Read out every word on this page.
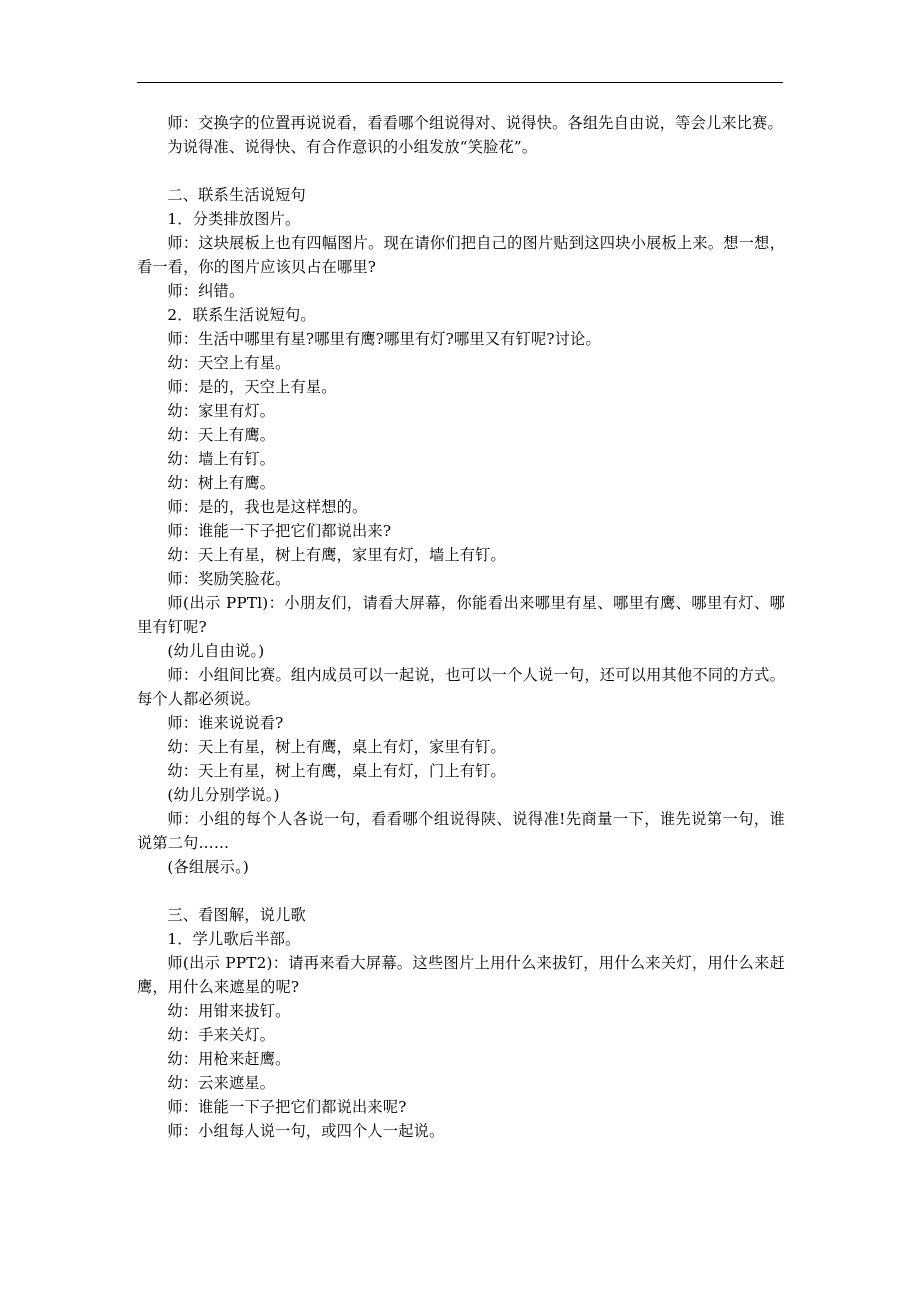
师：交换字的位置再说说看，看看哪个组说得对、说得快。各组先自由说，等会儿来比赛。

为说得准、说得快、有合作意识的小组发放“笑脸花”。

二、联系生活说短句

1．分类排放图片。

师：这块展板上也有四幅图片。现在请你们把自己的图片贴到这四块小展板上来。想一想，看一看，你的图片应该贝占在哪里?

师：纠错。

2．联系生活说短句。

师：生活中哪里有星?哪里有鹰?哪里有灯?哪里又有钉呢?讨论。

幼：天空上有星。

师：是的，天空上有星。

幼：家里有灯。

幼：天上有鹰。

幼：墙上有钉。

幼：树上有鹰。

师：是的，我也是这样想的。

师：谁能一下子把它们都说出来?

幼：天上有星，树上有鹰，家里有灯，墙上有钉。

师：奖励笑脸花。

师(出示 PPTl)：小朋友们，请看大屏幕，你能看出来哪里有星、哪里有鹰、哪里有灯、哪里有钉呢?

(幼儿自由说。)

师：小组间比赛。组内成员可以一起说，也可以一个人说一句，还可以用其他不同的方式。每个人都必须说。

师：谁来说说看?

幼：天上有星，树上有鹰，桌上有灯，家里有钉。

幼：天上有星，树上有鹰，桌上有灯，门上有钉。

(幼儿分别学说。)

师：小组的每个人各说一句，看看哪个组说得陕、说得准!先商量一下，谁先说第一句，谁说第二句……

(各组展示。)

三、看图解，说儿歌

1．学儿歌后半部。

师(出示 PPT2)：请再来看大屏幕。这些图片上用什么来拔钉，用什么来关灯，用什么来赶鹰，用什么来遮星的呢?

幼：用钳来拔钉。

幼：手来关灯。

幼：用枪来赶鹰。

幼：云来遮星。

师：谁能一下子把它们都说出来呢?

师：小组每人说一句，或四个人一起说。
